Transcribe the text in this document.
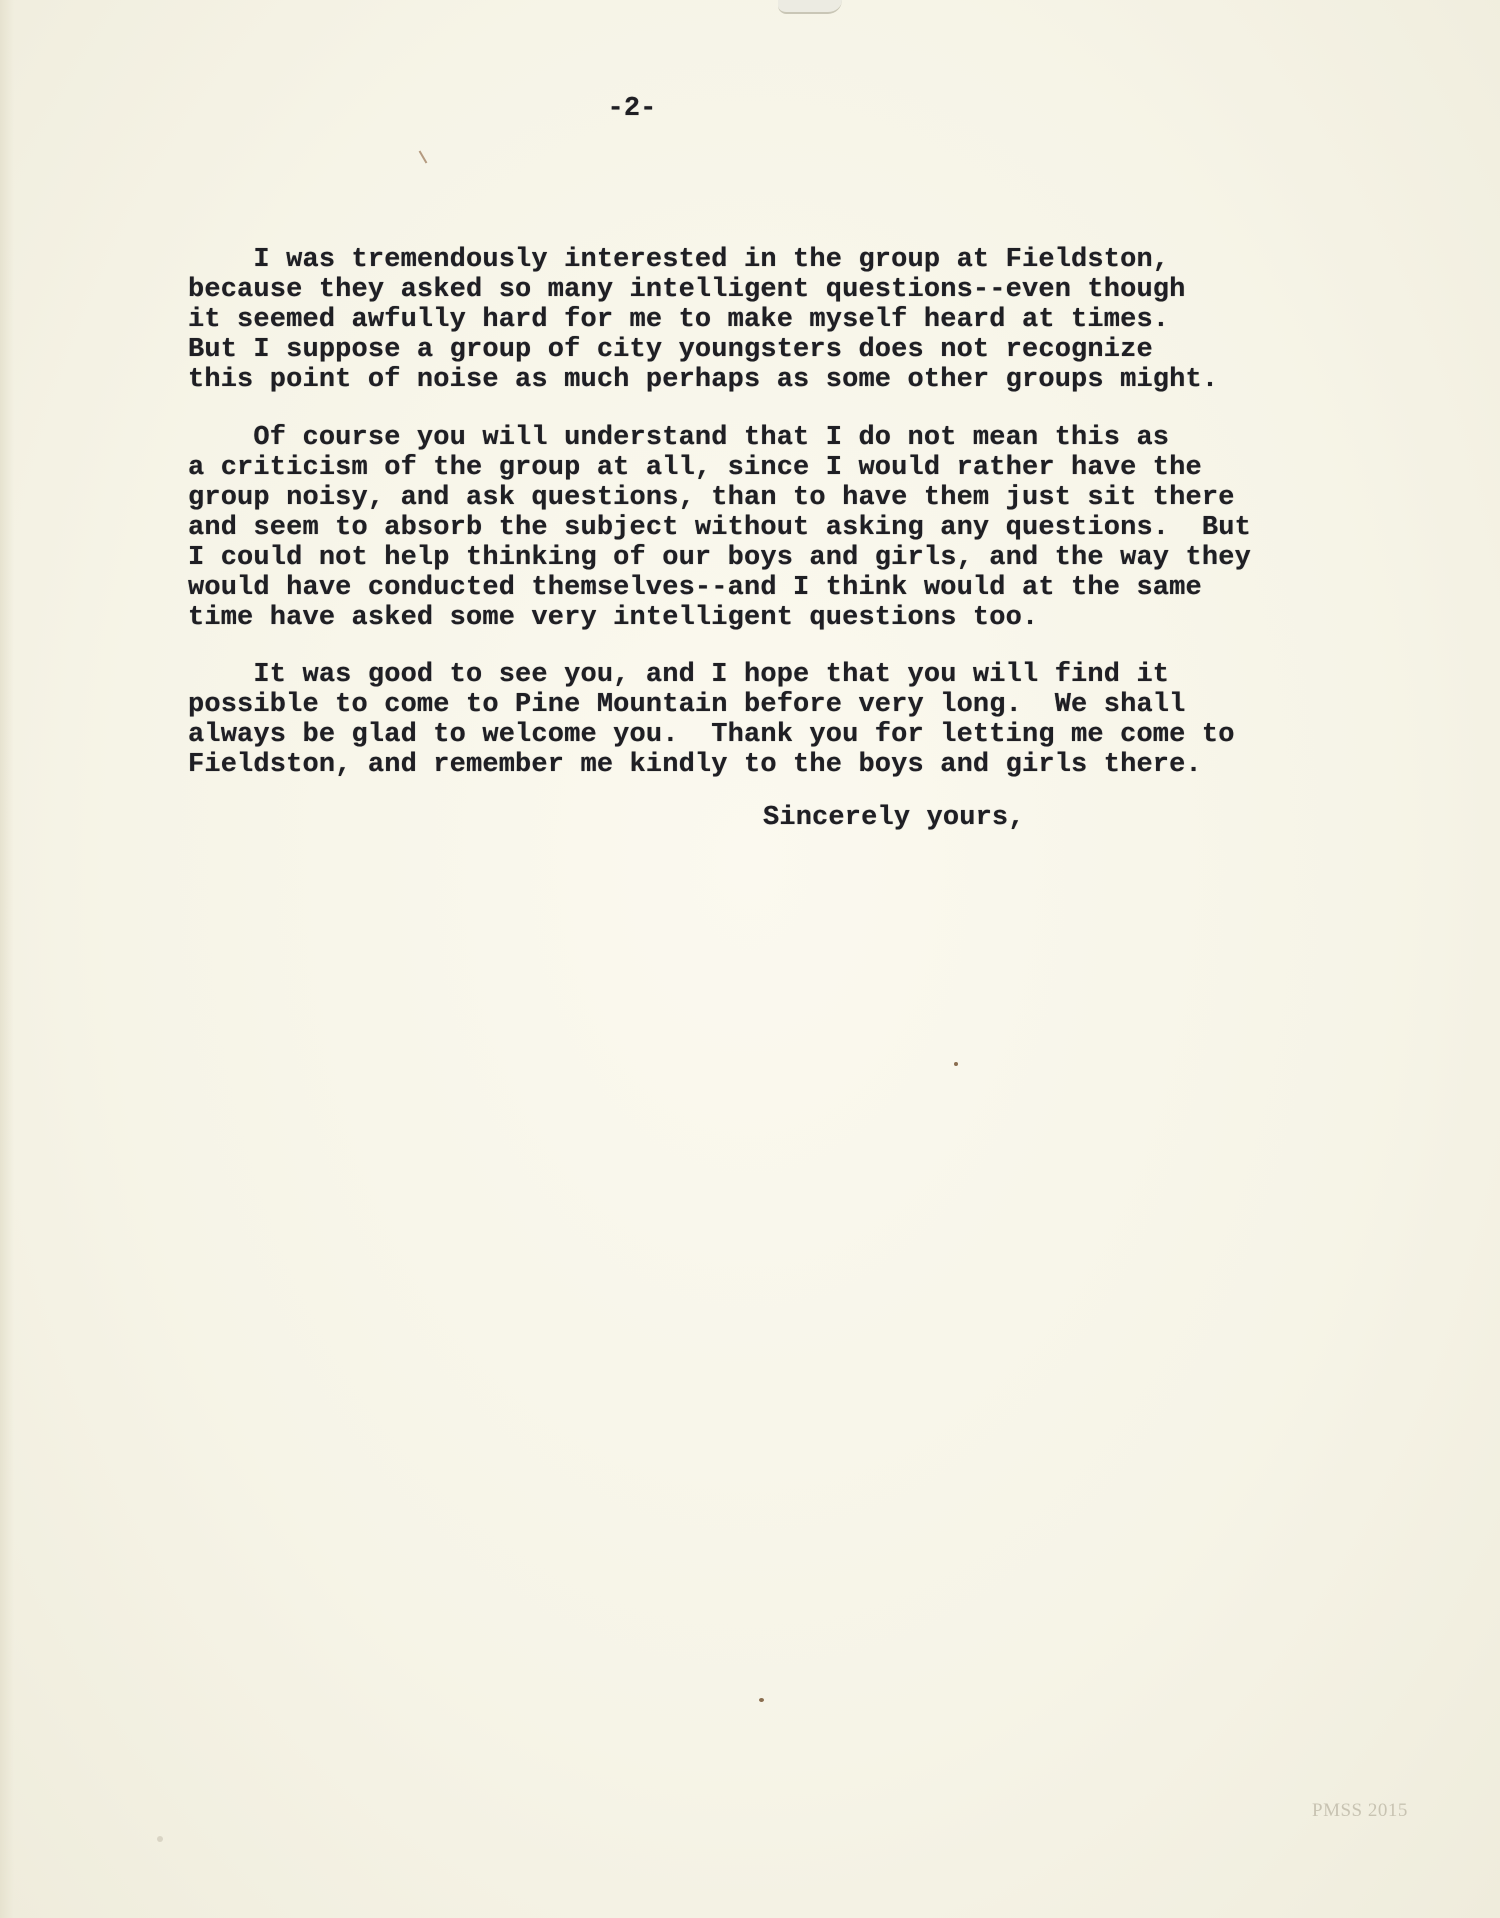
-2-
I was tremendously interested in the group at Fieldston,
because they asked so many intelligent questions--even though
it seemed awfully hard for me to make myself heard at times.
But I suppose a group of city youngsters does not recognize
this point of noise as much perhaps as some other groups might.
Of course you will understand that I do not mean this as
a criticism of the group at all, since I would rather have the
group noisy, and ask questions, than to have them just sit there
and seem to absorb the subject without asking any questions.  But
I could not help thinking of our boys and girls, and the way they
would have conducted themselves--and I think would at the same
time have asked some very intelligent questions too.
It was good to see you, and I hope that you will find it
possible to come to Pine Mountain before very long.  We shall
always be glad to welcome you.  Thank you for letting me come to
Fieldston, and remember me kindly to the boys and girls there.
Sincerely yours,
PMSS 2015
